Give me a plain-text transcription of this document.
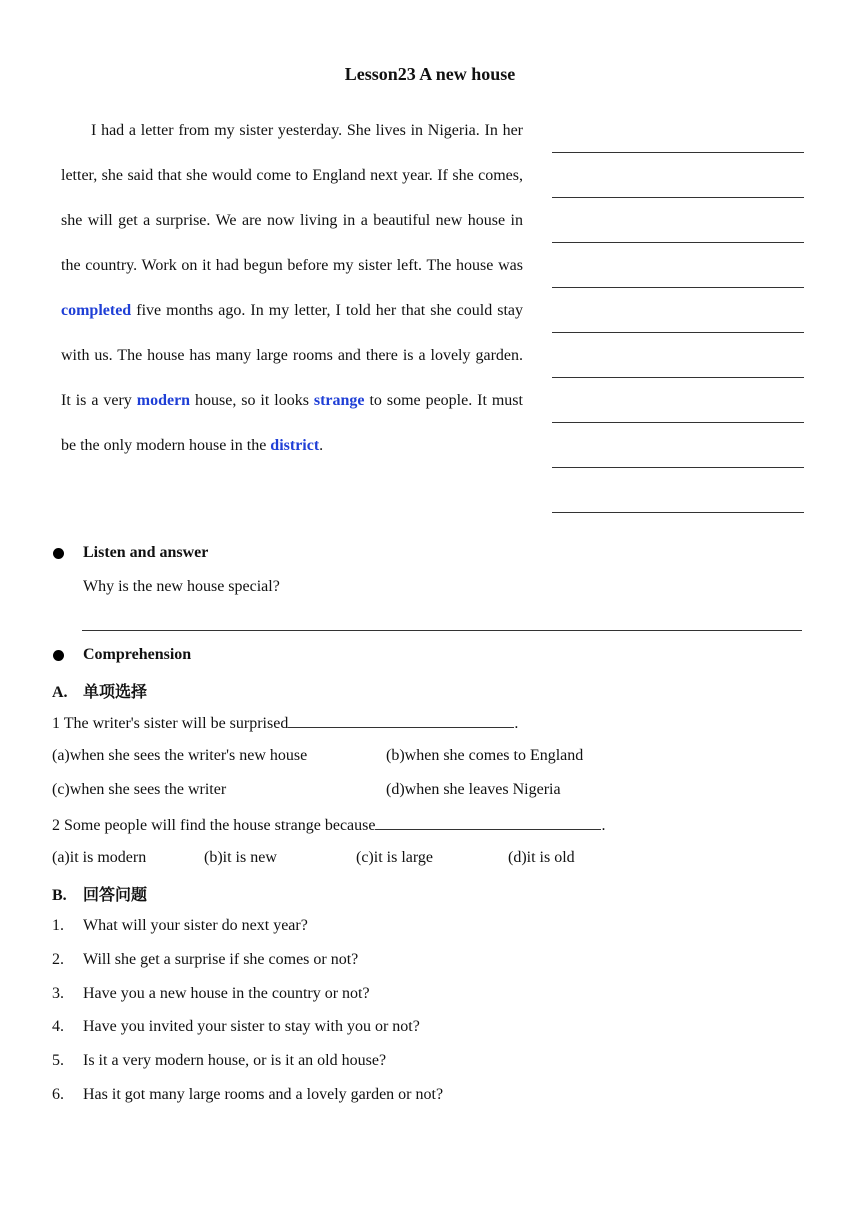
Lesson23 A new house
I had a letter from my sister yesterday. She lives in Nigeria. In her letter, she said that she would come to England next year. If she comes, she will get a surprise. We are now living in a beautiful new house in the country. Work on it had begun before my sister left. The house was completed five months ago. In my letter, I told her that she could stay with us. The house has many large rooms and there is a lovely garden. It is a very modern house, so it looks strange to some people. It must be the only modern house in the district.
Listen and answer
Why is the new house special?
Comprehension
A. 单项选择
1 The writer's sister will be surprised	.
(a)when she sees the writer's new house	(b)when she comes to England
(c)when she sees the writer	(d)when she leaves Nigeria
2 Some people will find the house strange because	.
(a)it is modern	(b)it is new	(c)it is large	(d)it is old
B. 回答问题
1. What will your sister do next year?
2. Will she get a surprise if she comes or not?
3. Have you a new house in the country or not?
4. Have you invited your sister to stay with you or not?
5. Is it a very modern house, or is it an old house?
6. Has it got many large rooms and a lovely garden or not?
